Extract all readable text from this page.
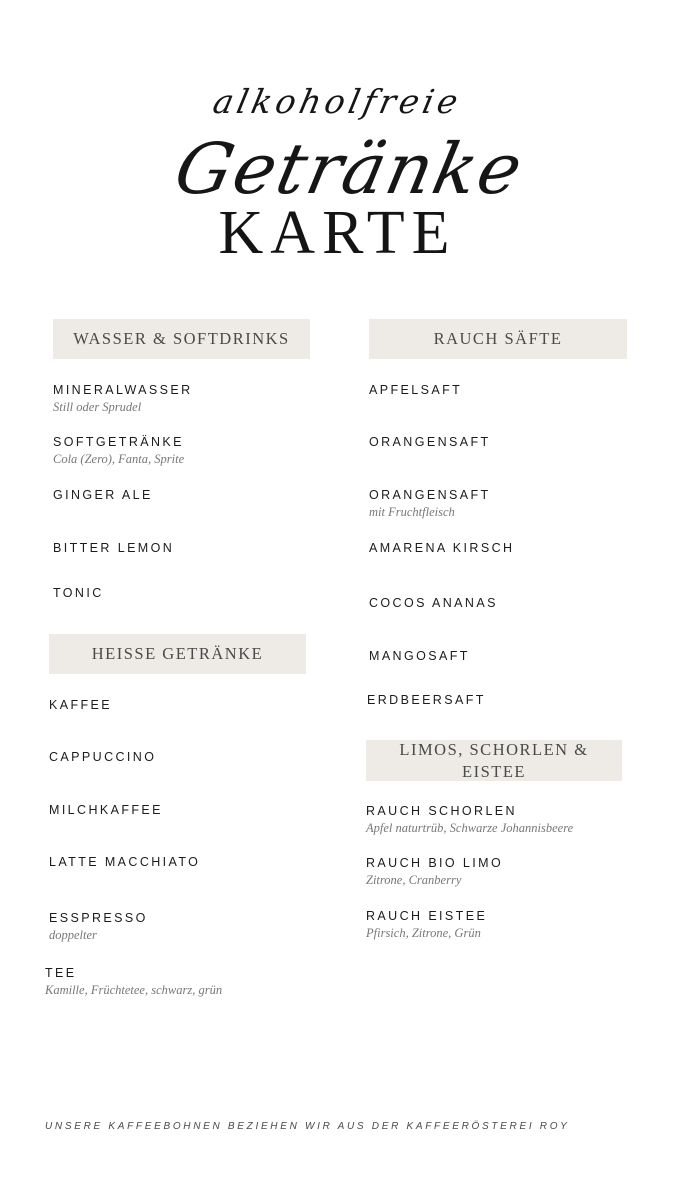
alkoholfreie
Getränke
KARTE
WASSER & SOFTDRINKS
MINERALWASSER
Still oder Sprudel
SOFTGETRÄNKE
Cola (Zero), Fanta, Sprite
GINGER ALE
BITTER LEMON
TONIC
HEISSE GETRÄNKE
KAFFEE
CAPPUCCINO
MILCHKAFFEE
LATTE MACCHIATO
ESSPRESSO
doppelter
TEE
Kamille, Früchtetee, schwarz, grün
RAUCH SÄFTE
APFELSAFT
ORANGENSAFT
ORANGENSAFT
mit Fruchtfleisch
AMARENA KIRSCH
COCOS ANANAS
MANGOSAFT
ERDBEERSAFT
LIMOS, SCHORLEN & EISTEE
RAUCH SCHORLEN
Apfel naturtrüb, Schwarze Johannisbeere
RAUCH BIO LIMO
Zitrone, Cranberry
RAUCH EISTEE
Pfirsich, Zitrone, Grün
UNSERE KAFFEEBOHNEN BEZIEHEN WIR AUS DER KAFFEERÖSTEREI ROY
